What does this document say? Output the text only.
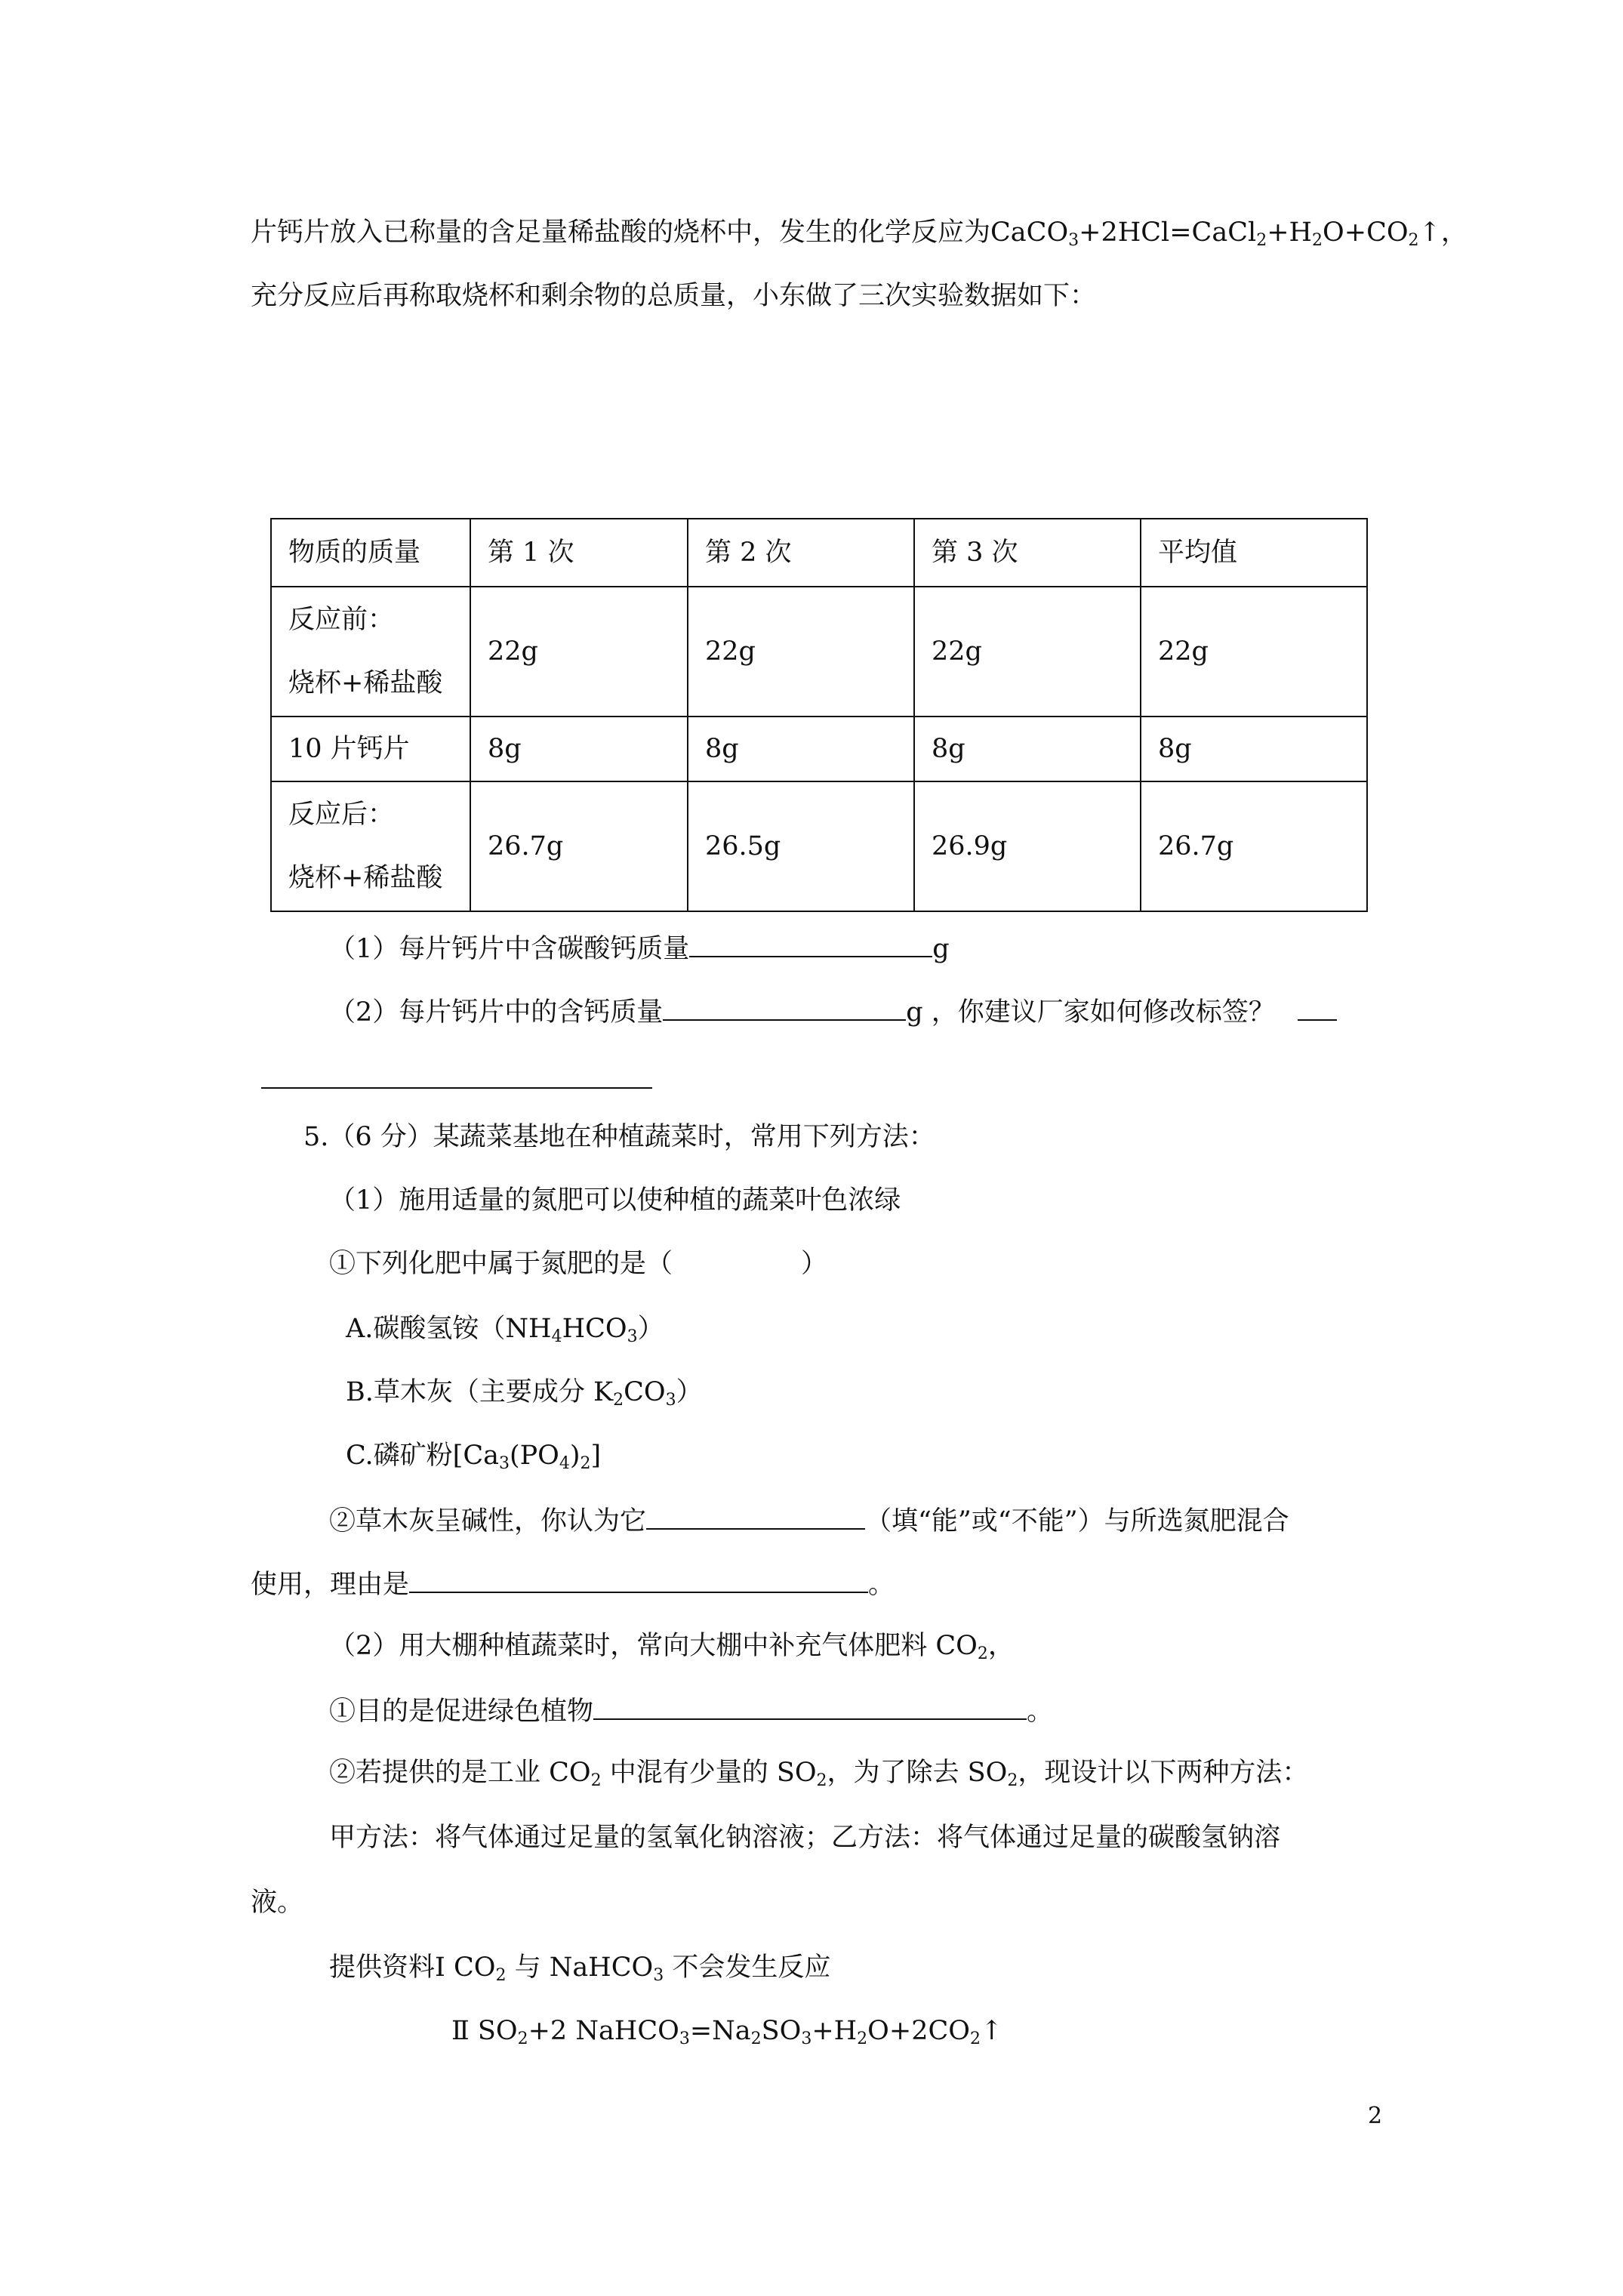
片钙片放入已称量的含足量稀盐酸的烧杯中，发生的化学反应为$CaCO_3+2HCl=CaCl_2+H_2O+CO_2↑$，
充分反应后再称取烧杯和剩余物的总质量，小东做了三次实验数据如下：
物质的质量	第 1 次	第 2 次	第 3 次	平均值

反应前：
烧杯+稀盐酸	22g	22g	22g	22g
10 片钙片	8g	8g	8g	8g

反应后：
烧杯+稀盐酸	26.7g	26.5g	26.9g	26.7g
（1）每片钙片中含碳酸钙质量	g
（2）每片钙片中的含钙质量	g ，你建议厂家如何修改标签？
5.（6 分）某蔬菜基地在种植蔬菜时，常用下列方法：
（1）施用适量的氮肥可以使种植的蔬菜叶色浓绿
①下列化肥中属于氮肥的是（	）
A.碳酸氢铵$(NH_4HCO_3)$
B.草木灰（主要成分 $K_2CO_3$）
C.磷矿粉$[Ca_3(PO_4)_2]$
②草木灰呈碱性，你认为它	（填“能”或“不能”）与所选氮肥混合
使用，理由是	。
（2）用大棚种植蔬菜时，常向大棚中补充气体肥料 $CO_2$，
①目的是促进绿色植物	。
②若提供的是工业 $CO_2$ 中混有少量的 $SO_2$，为了除去 $SO_2$，现设计以下两种方法：
甲方法：将气体通过足量的氢氧化钠溶液；乙方法：将气体通过足量的碳酸氢钠溶
液。
提供资料Ⅰ $CO_2$ 与 NaHCO$_3$ 不会发生反应
Ⅱ $SO_2+2$ $NaHCO_3=Na_2SO_3+H_2O+2CO_2↑$
2
